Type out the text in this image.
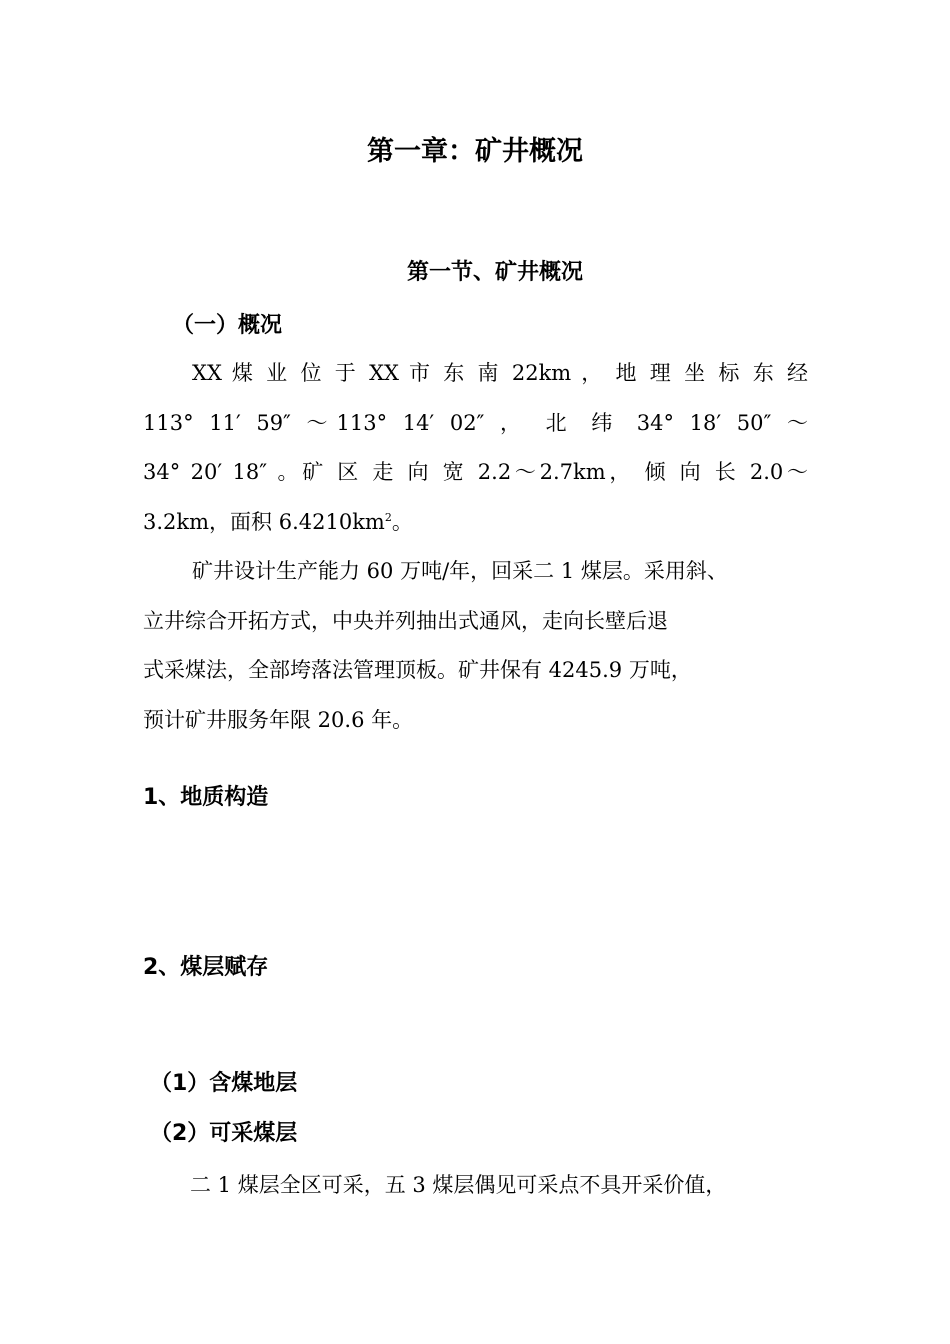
第一章：矿井概况
第一节、矿井概况
（一）概况
XX 煤 业 位 于 XX 市 东 南 22km ， 地 理 坐 标 东 经
113° 11′ 59″ ～113° 14′ 02″ ， 北 纬 34° 18′ 50″ ～
34° 20′ 18″ 。矿 区 走 向 宽 2.2～2.7km， 倾 向 长 2.0～
3.2km，面积 $6.4210km^2$。
矿井设计生产能力 60 万吨/年，回采二 1 煤层。采用斜、
立井综合开拓方式，中央并列抽出式通风，走向长壁后退
式采煤法，全部垮落法管理顶板。矿井保有 4245.9 万吨，
预计矿井服务年限 20.6 年。
1、地质构造
2、煤层赋存
（1）含煤地层
（2）可采煤层
二 1 煤层全区可采，五 3 煤层偶见可采点不具开采价值，
